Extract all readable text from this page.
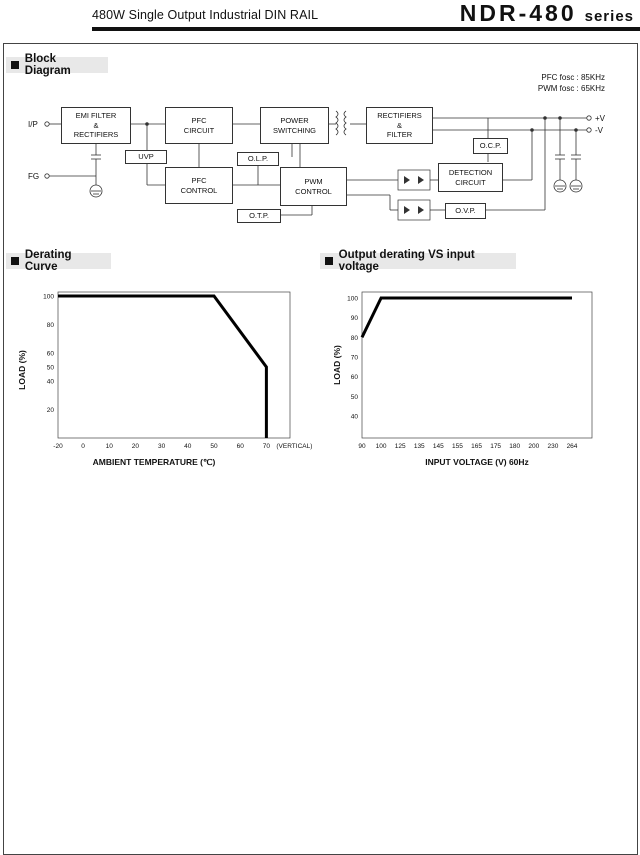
480W Single Output Industrial DIN RAIL	NDR-480 series
Block Diagram
PFC fosc : 85KHz
PWM fosc : 65KHz
I/P
FG
+V
-V
EMI FILTER
&
RECTIFIERS
PFC
CIRCUIT
POWER
SWITCHING
RECTIFIERS
&
FILTER
UVP
PFC
CONTROL
O.L.P.
PWM
CONTROL
O.T.P.
O.C.P.
DETECTION
CIRCUIT
O.V.P.
Derating Curve
Output derating VS input voltage
-20	0	10	20	30	40	50	60	70 (VERTICAL)
20
40
50
60
80
100
AMBIENT TEMPERATURE (℃)
LOAD (%)
90 100 125 135 145 155 165 175 180 200 230 264
40
50
60
70
80
90
100
INPUT VOLTAGE (V) 60Hz
LOAD (%)
